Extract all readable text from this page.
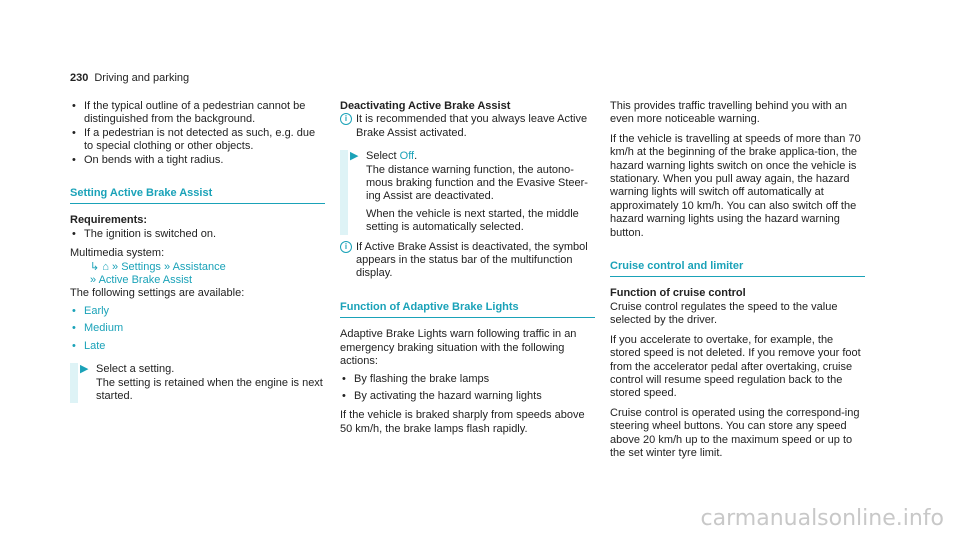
230 Driving and parking
• If the typical outline of a pedestrian cannot be distinguished from the background.
• If a pedestrian is not detected as such, e.g. due to special clothing or other objects.
• On bends with a tight radius.
Setting Active Brake Assist

Requirements:

• The ignition is switched on.

Multimedia system:

↳ ⌂ » Settings » Assistance
» Active Brake Assist

The following settings are available:

• Early
• Medium
• Late
▶ Select a setting.

The setting is retained when the engine is next started.

Deactivating Active Brake Assist

i It is recommended that you always leave Active Brake Assist activated.

▶ Select Off.

The distance warning function, the autono-mous braking function and the Evasive Steer-ing Assist are deactivated.

When the vehicle is next started, the middle setting is automatically selected.

i If Active Brake Assist is deactivated, the symbol appears in the status bar of the multifunction display.

Function of Adaptive Brake Lights

Adaptive Brake Lights warn following traffic in an emergency braking situation with the following actions:

• By flashing the brake lamps
• By activating the hazard warning lights

If the vehicle is braked sharply from speeds above 50 km/h, the brake lamps flash rapidly.

This provides traffic travelling behind you with an even more noticeable warning.

If the vehicle is travelling at speeds of more than 70 km/h at the beginning of the brake applica-tion, the hazard warning lights switch on once the vehicle is stationary. When you pull away again, the hazard warning lights will switch off automatically at approximately 10 km/h. You can also switch off the hazard warning lights using the hazard warning button.

Cruise control and limiter

Function of cruise control

Cruise control regulates the speed to the value selected by the driver.

If you accelerate to overtake, for example, the stored speed is not deleted. If you remove your foot from the accelerator pedal after overtaking, cruise control will resume speed regulation back to the stored speed.

Cruise control is operated using the correspond-ing steering wheel buttons. You can store any speed above 20 km/h up to the maximum speed or up to the set winter tyre limit.

carmanualsonline.info
